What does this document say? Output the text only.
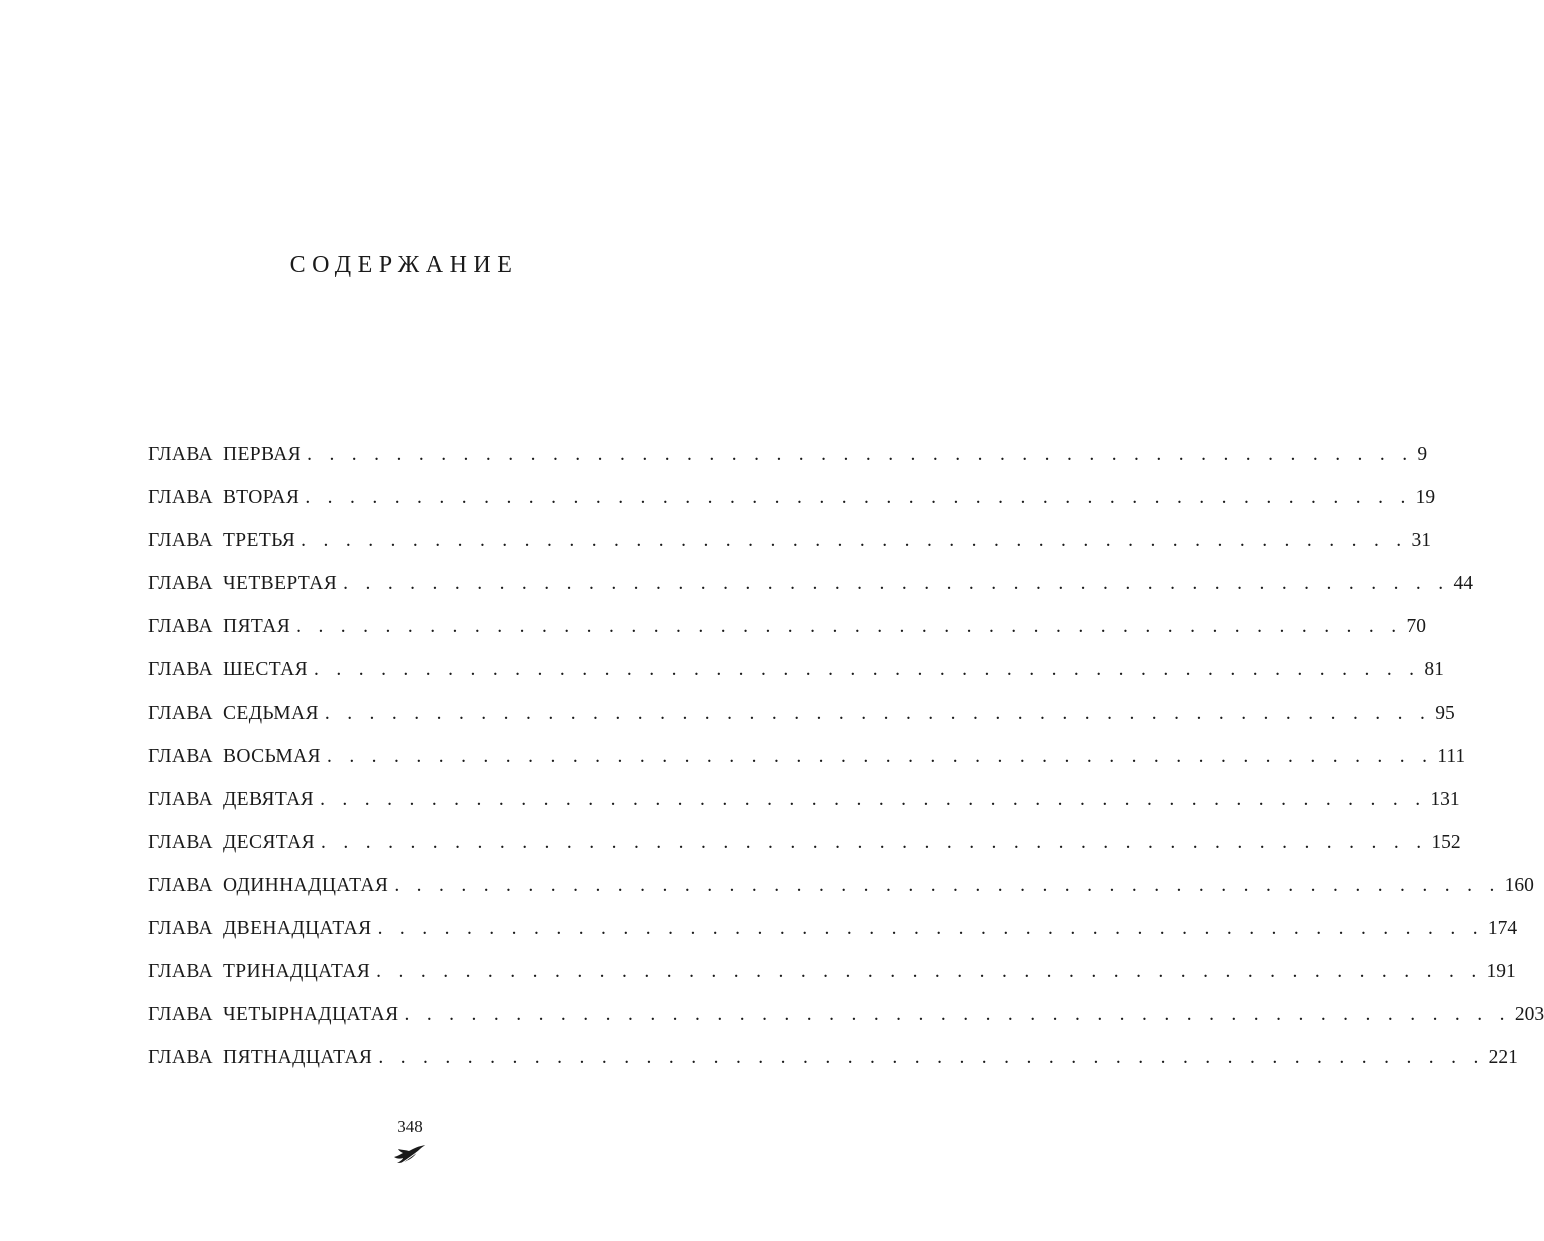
СОДЕРЖАНИЕ
ГЛАВА ПЕРВАЯ . . . . . . . . . . . . . . . . . . . . . . . . . . . . . . . . . . . . . . . . . . . . . . . . . . 9
ГЛАВА ВТОРАЯ . . . . . . . . . . . . . . . . . . . . . . . . . . . . . . . . . . . . . . . . . . . . . . . . . . 19
ГЛАВА ТРЕТЬЯ . . . . . . . . . . . . . . . . . . . . . . . . . . . . . . . . . . . . . . . . . . . . . . . . . . 31
ГЛАВА ЧЕТВЕРТАЯ . . . . . . . . . . . . . . . . . . . . . . . . . . . . . . . . . . . . . . . . . . . . . . . . . . 44
ГЛАВА ПЯТАЯ . . . . . . . . . . . . . . . . . . . . . . . . . . . . . . . . . . . . . . . . . . . . . . . . . . 70
ГЛАВА ШЕСТАЯ . . . . . . . . . . . . . . . . . . . . . . . . . . . . . . . . . . . . . . . . . . . . . . . . . . 81
ГЛАВА СЕДЬМАЯ . . . . . . . . . . . . . . . . . . . . . . . . . . . . . . . . . . . . . . . . . . . . . . . . . . 95
ГЛАВА ВОСЬМАЯ . . . . . . . . . . . . . . . . . . . . . . . . . . . . . . . . . . . . . . . . . . . . . . . . . . 111
ГЛАВА ДЕВЯТАЯ . . . . . . . . . . . . . . . . . . . . . . . . . . . . . . . . . . . . . . . . . . . . . . . . . . 131
ГЛАВА ДЕСЯТАЯ . . . . . . . . . . . . . . . . . . . . . . . . . . . . . . . . . . . . . . . . . . . . . . . . . . 152
ГЛАВА ОДИННАДЦАТАЯ . . . . . . . . . . . . . . . . . . . . . . . . . . . . . . . . . . . . . . . . . . . . . . . . . . 160
ГЛАВА ДВЕНАДЦАТАЯ . . . . . . . . . . . . . . . . . . . . . . . . . . . . . . . . . . . . . . . . . . . . . . . . . . 174
ГЛАВА ТРИНАДЦАТАЯ . . . . . . . . . . . . . . . . . . . . . . . . . . . . . . . . . . . . . . . . . . . . . . . . . . 191
ГЛАВА ЧЕТЫРНАДЦАТАЯ . . . . . . . . . . . . . . . . . . . . . . . . . . . . . . . . . . . . . . . . . . . . . . . . . . 203
ГЛАВА ПЯТНАДЦАТАЯ . . . . . . . . . . . . . . . . . . . . . . . . . . . . . . . . . . . . . . . . . . . . . . . . . . 221
348
